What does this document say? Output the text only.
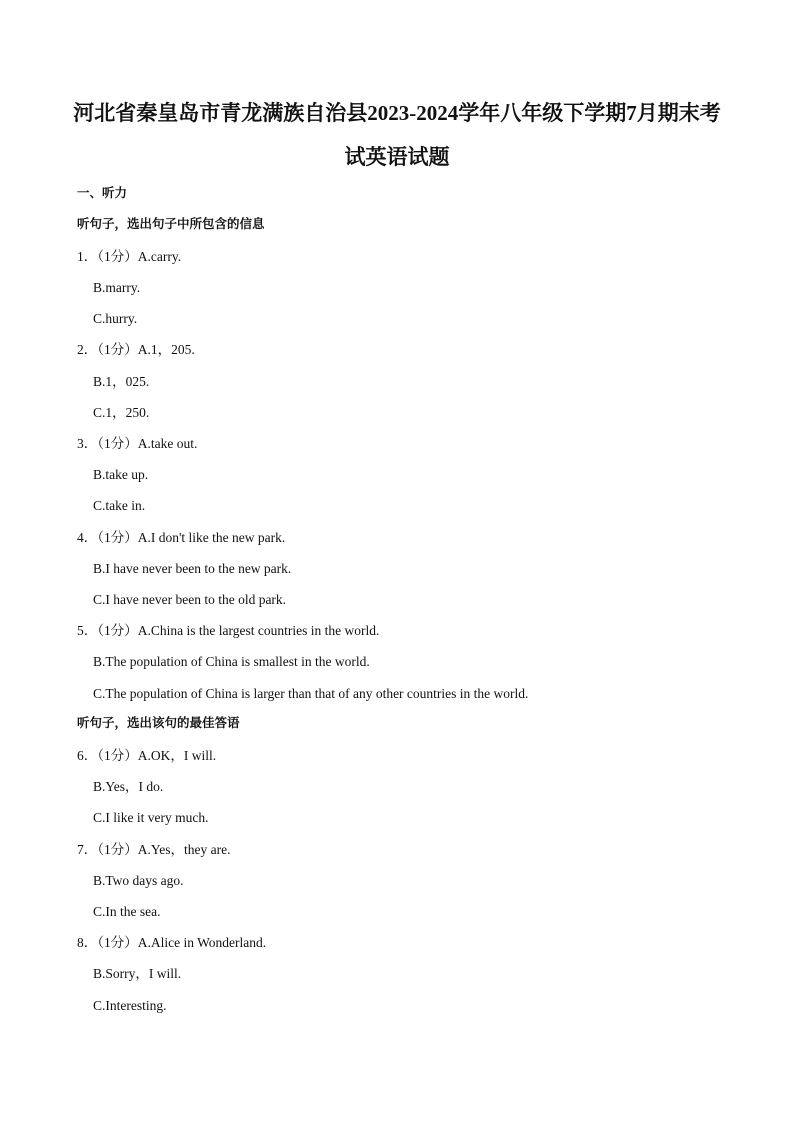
河北省秦皇岛市青龙满族自治县2023-2024学年八年级下学期7月期末考
试英语试题
一、听力
听句子，选出句子中所包含的信息
1．（1分）A.carry.
B.marry.
C.hurry.
2．（1分）A.1，205.
B.1，025.
C.1，250.
3．（1分）A.take out.
B.take up.
C.take in.
4．（1分）A.I don't like the new park.
B.I have never been to the new park.
C.I have never been to the old park.
5．（1分）A.China is the largest countries in the world.
B.The population of China is smallest in the world.
C.The population of China is larger than that of any other countries in the world.
听句子，选出该句的最佳答语
6．（1分）A.OK，I will.
B.Yes，I do.
C.I like it very much.
7．（1分）A.Yes，they are.
B.Two days ago.
C.In the sea.
8．（1分）A.Alice in Wonderland.
B.Sorry，I will.
C.Interesting.
